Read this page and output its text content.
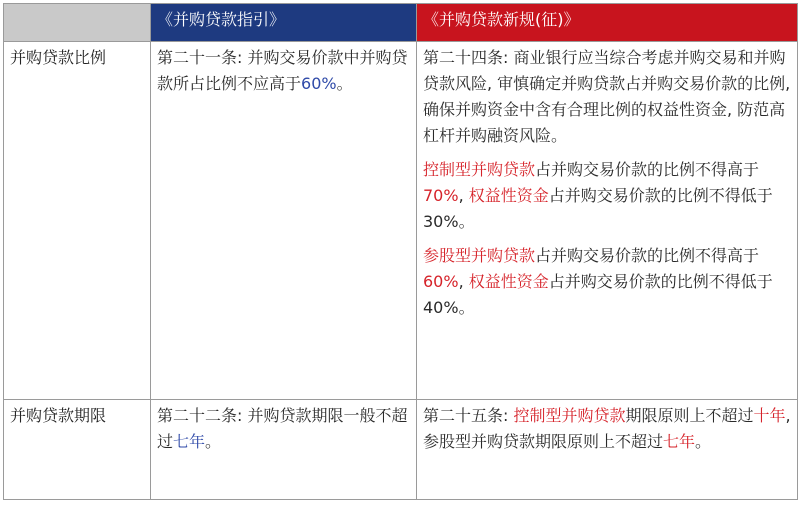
	《并购贷款指引》	《并购贷款新规(征)》
并购贷款比例	第二十一条: 并购交易价款中并购贷款所占比例不应高于60%。	第二十四条: 商业银行应当综合考虑并购交易和并购贷款风险, 审慎确定并购贷款占并购交易价款的比例, 确保并购资金中含有合理比例的权益性资金, 防范高杠杆并购融资风险。

控制型并购贷款占并购交易价款的比例不得高于70%, 权益性资金占并购交易价款的比例不得低于30%。

参股型并购贷款占并购交易价款的比例不得高于60%, 权益性资金占并购交易价款的比例不得低于40%。

并购贷款期限	第二十二条: 并购贷款期限一般不超过七年。	第二十五条: 控制型并购贷款期限原则上不超过十年, 参股型并购贷款期限原则上不超过七年。
